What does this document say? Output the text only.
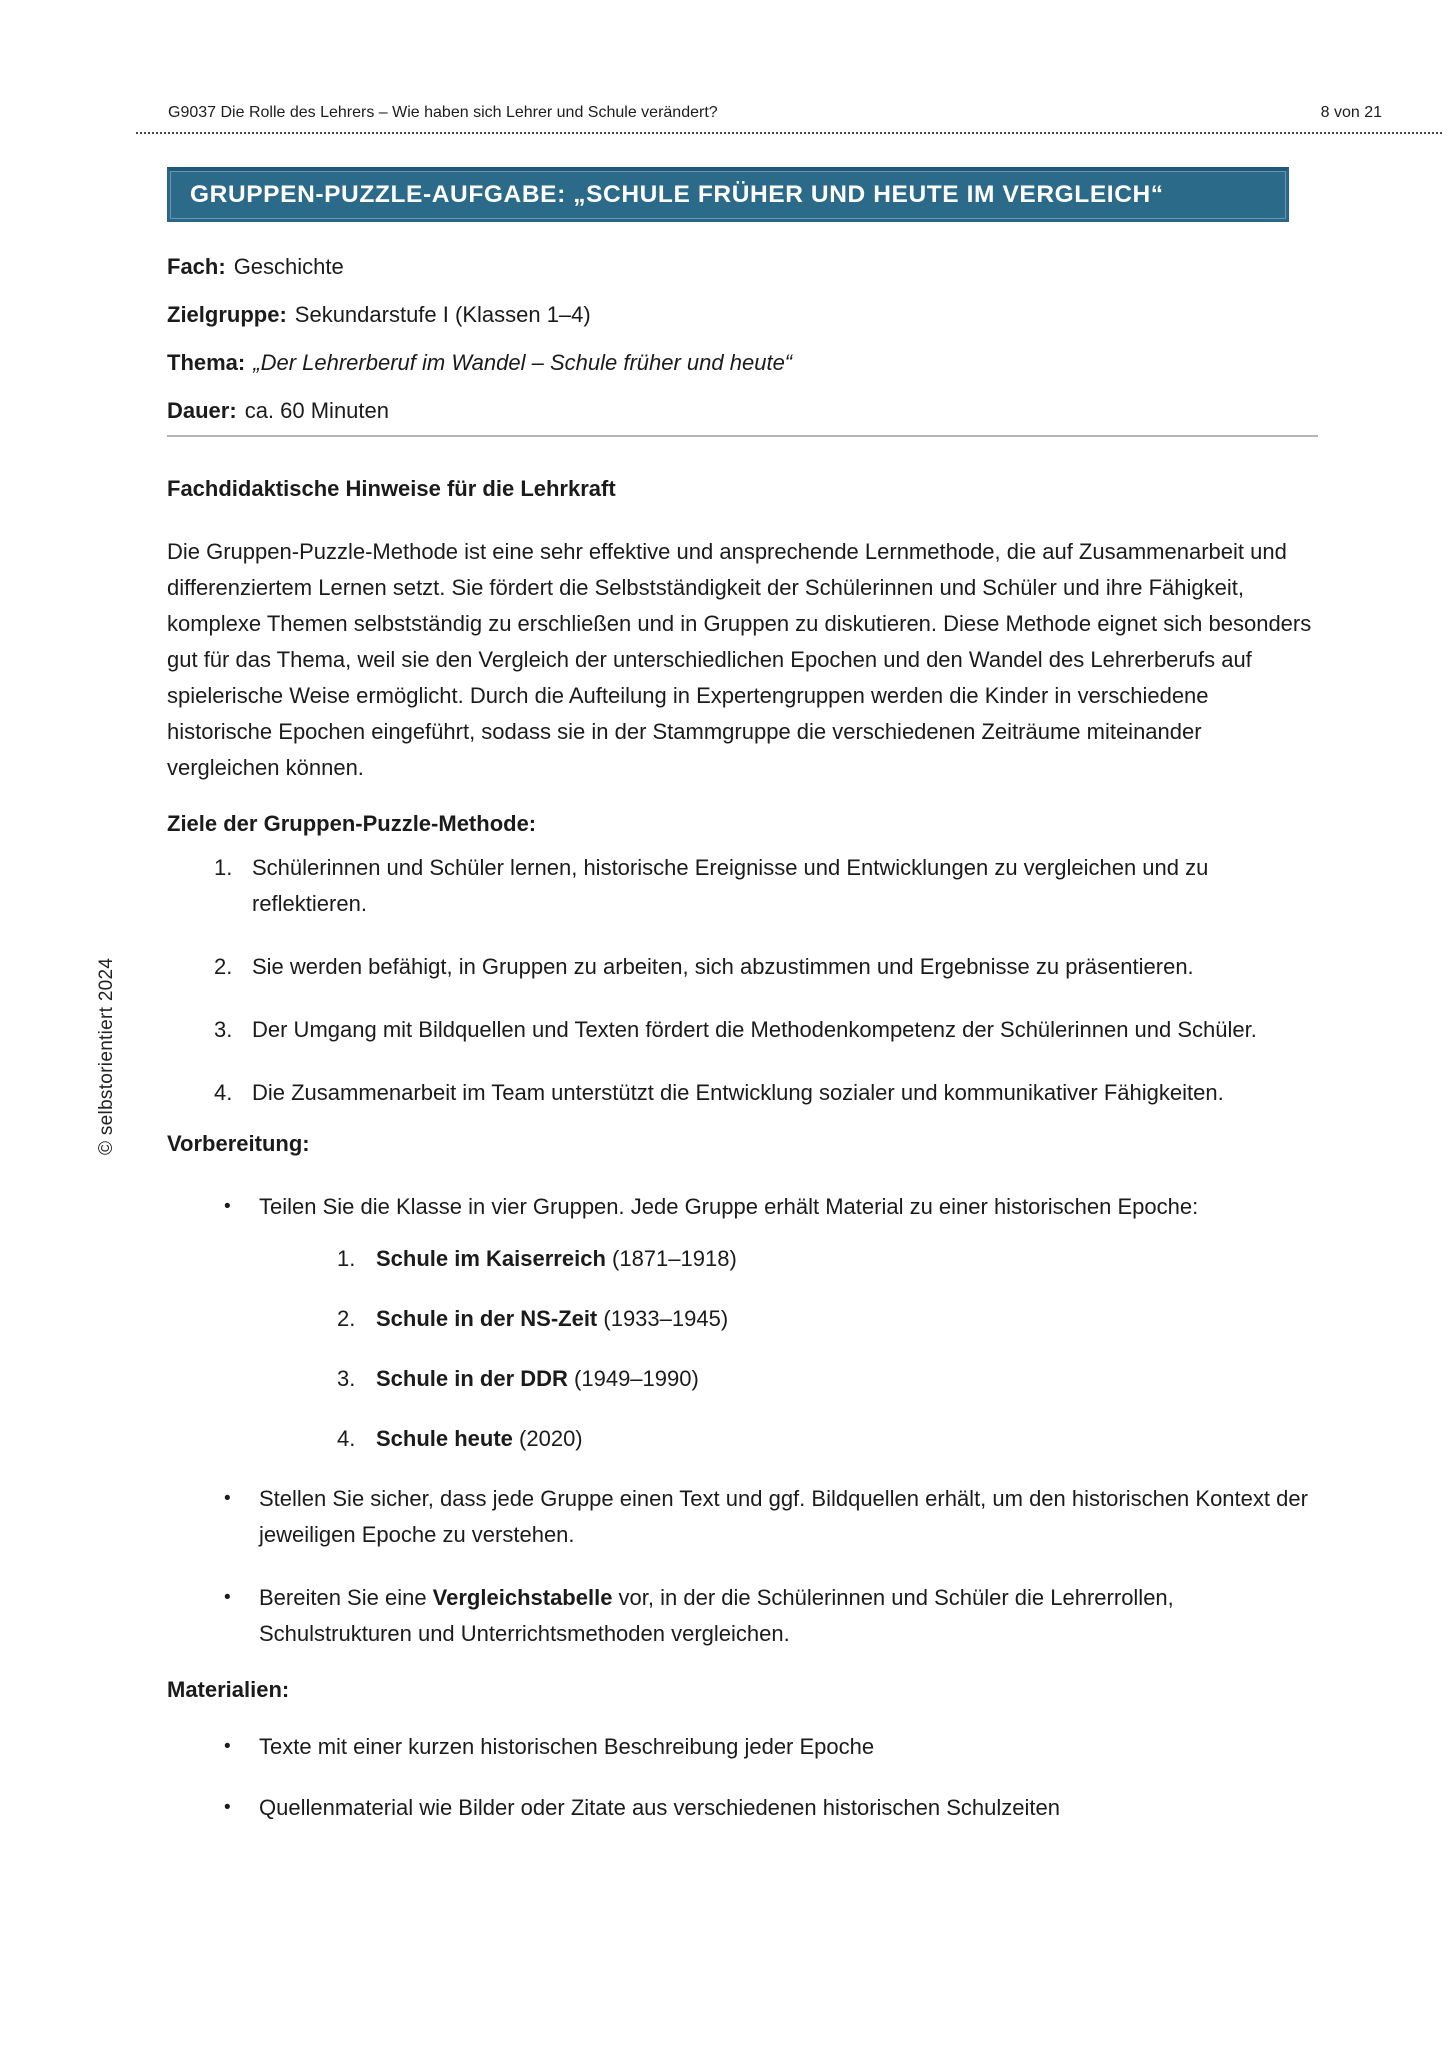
G9037 Die Rolle des Lehrers – Wie haben sich Lehrer und Schule verändert?	8 von 21
© selbstorientiert 2024
GRUPPEN-PUZZLE-AUFGABE: „SCHULE FRÜHER UND HEUTE IM VERGLEICH“
Fach: Geschichte
Zielgruppe: Sekundarstufe I (Klassen 1–4)
Thema: „Der Lehrerberuf im Wandel – Schule früher und heute“
Dauer: ca. 60 Minuten
Fachdidaktische Hinweise für die Lehrkraft
Die Gruppen-Puzzle-Methode ist eine sehr effektive und ansprechende Lernmethode, die auf Zusammenarbeit und differenziertem Lernen setzt. Sie fördert die Selbstständigkeit der Schülerinnen und Schüler und ihre Fähigkeit, komplexe Themen selbstständig zu erschließen und in Gruppen zu diskutieren. Diese Methode eignet sich besonders gut für das Thema, weil sie den Vergleich der unterschiedlichen Epochen und den Wandel des Lehrerberufs auf spielerische Weise ermöglicht. Durch die Aufteilung in Expertengruppen werden die Kinder in verschiedene historische Epochen eingeführt, sodass sie in der Stammgruppe die verschiedenen Zeiträume miteinander vergleichen können.
Ziele der Gruppen-Puzzle-Methode:
1. Schülerinnen und Schüler lernen, historische Ereignisse und Entwicklungen zu vergleichen und zu reflektieren.
2. Sie werden befähigt, in Gruppen zu arbeiten, sich abzustimmen und Ergebnisse zu präsentieren.
3. Der Umgang mit Bildquellen und Texten fördert die Methodenkompetenz der Schülerinnen und Schüler.
4. Die Zusammenarbeit im Team unterstützt die Entwicklung sozialer und kommunikativer Fähigkeiten.
Vorbereitung:
•	Teilen Sie die Klasse in vier Gruppen. Jede Gruppe erhält Material zu einer historischen Epoche:
1. Schule im Kaiserreich (1871–1918)
2. Schule in der NS-Zeit (1933–1945)
3. Schule in der DDR (1949–1990)
4. Schule heute (2020)
•	Stellen Sie sicher, dass jede Gruppe einen Text und ggf. Bildquellen erhält, um den historischen Kontext der jeweiligen Epoche zu verstehen.
•	Bereiten Sie eine Vergleichstabelle vor, in der die Schülerinnen und Schüler die Lehrerrollen, Schulstrukturen und Unterrichtsmethoden vergleichen.
Materialien:
•	Texte mit einer kurzen historischen Beschreibung jeder Epoche
•	Quellenmaterial wie Bilder oder Zitate aus verschiedenen historischen Schulzeiten
